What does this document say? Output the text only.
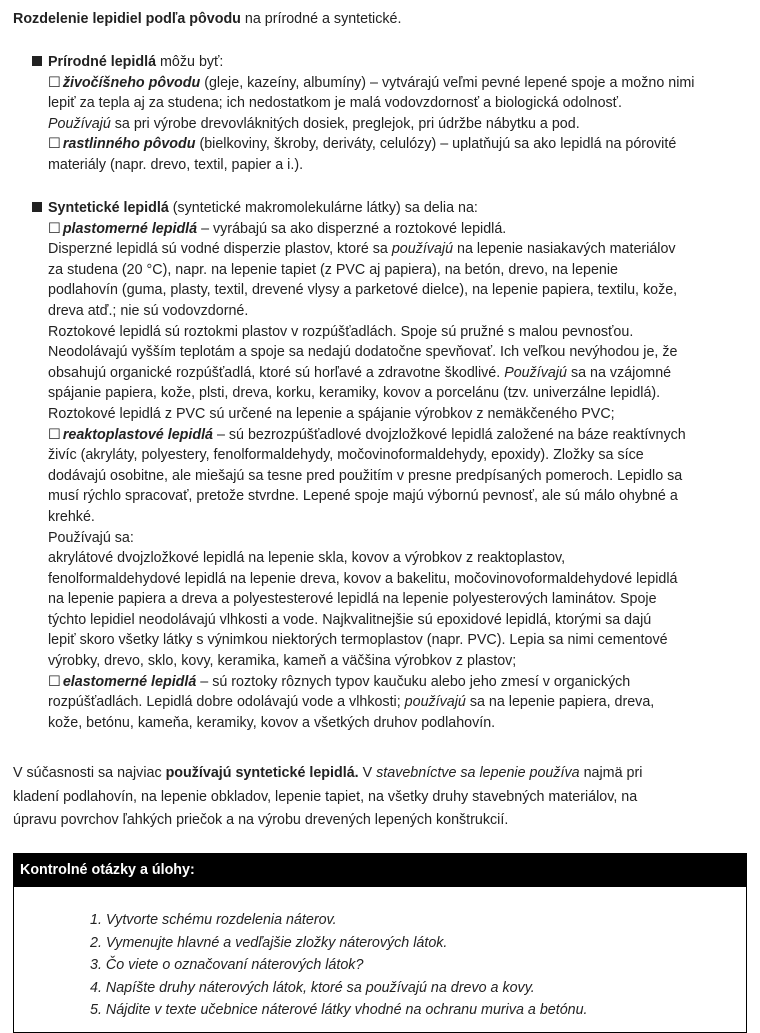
Rozdelenie lepidiel podľa pôvodu na prírodné a syntetické.

Prírodné lepidlá môžu byť:
☐ živočíšneho pôvodu (gleje, kazeíny, albumíny) – vytvárajú veľmi pevné lepené spoje a možno nimi
lepiť za tepla aj za studena; ich nedostatkom je malá vodovzdornosť a biologická odolnosť.
Používajú sa pri výrobe drevovláknitých dosiek, preglejok, pri údržbe nábytku a pod.
☐ rastlinného pôvodu (bielkoviny, škroby, deriváty, celulózy) – uplatňujú sa ako lepidlá na pórovité
materiály (napr. drevo, textil, papier a i.).
Syntetické lepidlá (syntetické makromolekulárne látky) sa delia na:
☐ plastomerné lepidlá – vyrábajú sa ako disperzné a roztokové lepidlá.
Disperzné lepidlá sú vodné disperzie plastov, ktoré sa používajú na lepenie nasiakavých materiálov
za studena (20 °C), napr. na lepenie tapiet (z PVC aj papiera), na betón, drevo, na lepenie
podlahovín (guma, plasty, textil, drevené vlysy a parketové dielce), na lepenie papiera, textilu, kože,
dreva atď.; nie sú vodovzdorné.
Roztokové lepidlá sú roztokmi plastov v rozpúšťadlách. Spoje sú pružné s malou pevnosťou.
Neodolávajú vyšším teplotám a spoje sa nedajú dodatočne spevňovať. Ich veľkou nevýhodou je, že
obsahujú organické rozpúšťadlá, ktoré sú horľavé a zdravotne škodlivé. Používajú sa na vzájomné
spájanie papiera, kože, plsti, dreva, korku, keramiky, kovov a porcelánu (tzv. univerzálne lepidlá).
Roztokové lepidlá z PVC sú určené na lepenie a spájanie výrobkov z nemäkčeného PVC;
☐ reaktoplastové lepidlá – sú bezrozpúšťadlové dvojzložkové lepidlá založené na báze reaktívnych
živíc (akryláty, polyestery, fenolformaldehydy, močovinoformaldehydy, epoxidy). Zložky sa síce
dodávajú osobitne, ale miešajú sa tesne pred použitím v presne predpísaných pomeroch. Lepidlo sa
musí rýchlo spracovať, pretože stvrdne. Lepené spoje majú výbornú pevnosť, ale sú málo ohybné a
krehké.
Používajú sa:
akrylátové dvojzložkové lepidlá na lepenie skla, kovov a výrobkov z reaktoplastov,
fenolformaldehydové lepidlá na lepenie dreva, kovov a bakelitu, močovinovoformaldehydové lepidlá
na lepenie papiera a dreva a polyestesterové lepidlá na lepenie polyesterových laminátov. Spoje
týchto lepidiel neodolávajú vlhkosti a vode. Najkvalitnejšie sú epoxidové lepidlá, ktorými sa dajú
lepiť skoro všetky látky s výnimkou niektorých termoplastov (napr. PVC). Lepia sa nimi cementové
výrobky, drevo, sklo, kovy, keramika, kameň a väčšina výrobkov z plastov;
☐ elastomerné lepidlá – sú roztoky rôznych typov kaučuku alebo jeho zmesí v organických
rozpúšťadlách. Lepidlá dobre odolávajú vode a vlhkosti; používajú sa na lepenie papiera, dreva,
kože, betónu, kameňa, keramiky, kovov a všetkých druhov podlahovín.
V súčasnosti sa najviac používajú syntetické lepidlá. V stavebníctve sa lepenie používa najmä pri
kladení podlahovín, na lepenie obkladov, lepenie tapiet, na všetky druhy stavebných materiálov, na
úpravu povrchov ľahkých priečok a na výrobu drevených lepených konštrukcií.
Kontrolné otázky a úlohy:
1. Vytvorte schému rozdelenia náterov.
2. Vymenujte hlavné a vedľajšie zložky náterových látok.
3. Čo viete o označovaní náterových látok?
4. Napíšte druhy náterových látok, ktoré sa používajú na drevo a kovy.
5. Nájdite v texte učebnice náterové látky vhodné na ochranu muriva a betónu.
